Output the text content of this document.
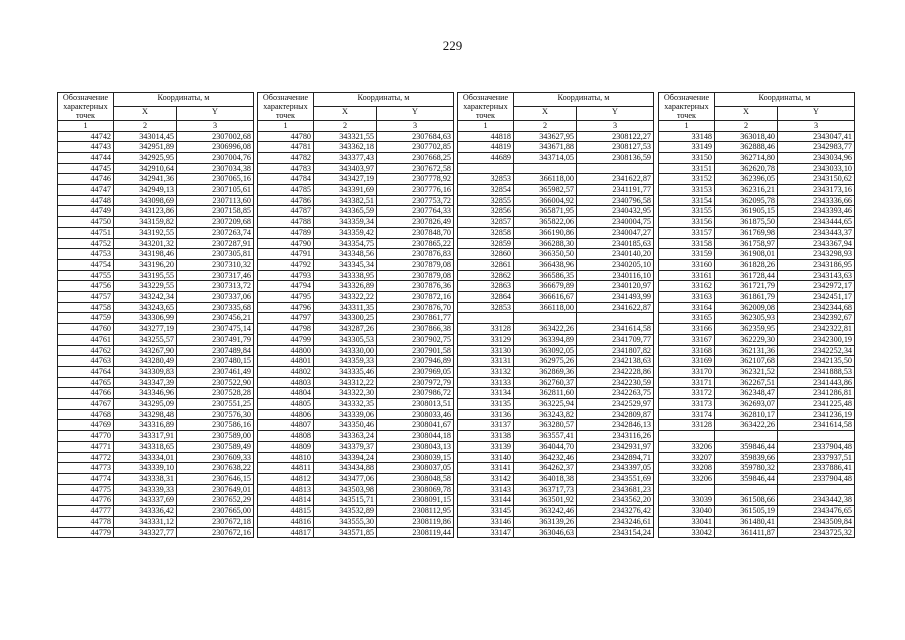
229
Обозначение характерных точек	Координаты, м	
	X	Y
1	2	3
44742	343014,45	2307002,68
44743	342951,89	2306996,08
44744	342925,95	2307004,76
44745	342910,64	2307034,38
44746	342941,36	2307065,16
44747	342949,13	2307105,61
44748	343098,69	2307113,60
44749	343123,86	2307158,85
44750	343159,82	2307209,68
44751	343192,55	2307263,74
44752	343201,32	2307287,91
44753	343198,46	2307305,81
44754	343196,20	2307310,32
44755	343195,55	2307317,46
44756	343229,55	2307313,72
44757	343242,34	2307337,06
44758	343243,65	2307335,68
44759	343306,99	2307456,21
44760	343277,19	2307475,14
44761	343255,57	2307491,79
44762	343267,90	2307489,84
44763	343280,49	2307480,15
44764	343309,83	2307461,49
44765	343347,39	2307522,90
44766	343346,96	2307528,28
44767	343295,09	2307551,25
44768	343298,48	2307576,30
44769	343316,89	2307586,16
44770	343317,91	2307589,00
44771	343318,65	2307589,49
44772	343334,01	2307609,33
44773	343339,10	2307638,22
44774	343338,31	2307646,15
44775	343339,33	2307649,01
44776	343337,69	2307652,29
44777	343336,42	2307665,00
44778	343331,12	2307672,18
44779	343327,77	2307672,16
Обозначение характерных точек	Координаты, м	
	X	Y
1	2	3
44780	343321,55	2307684,63
44781	343362,18	2307702,85
44782	343377,43	2307668,25
44783	343403,97	2307672,58
44784	343427,19	2307778,92
44785	343391,69	2307776,16
44786	343382,51	2307753,72
44787	343365,59	2307764,33
44788	343359,34	2307826,49
44789	343359,42	2307848,70
44790	343354,75	2307865,22
44791	343348,56	2307876,83
44792	343345,34	2307879,08
44793	343338,95	2307879,08
44794	343326,89	2307876,36
44795	343322,22	2307872,16
44796	343311,35	2307876,70
44797	343300,25	2307861,77
44798	343287,26	2307866,38
44799	343305,53	2307902,75
44800	343330,00	2307901,58
44801	343359,33	2307946,89
44802	343335,46	2307969,05
44803	343312,22	2307972,79
44804	343322,30	2307986,72
44805	343332,35	2308013,51
44806	343339,06	2308033,46
44807	343350,46	2308041,67
44808	343363,24	2308044,18
44809	343379,37	2308043,13
44810	343394,24	2308039,15
44811	343434,88	2308037,05
44812	343477,06	2308048,58
44813	343503,98	2308069,78
44814	343515,71	2308091,15
44815	343532,89	2308112,95
44816	343555,30	2308119,86
44817	343571,85	2308119,44
Обозначение характерных точек	Координаты, м	
	X	Y
1	2	3
44818	343627,95	2308122,27
44819	343671,88	2308127,53
44689	343714,05	2308136,59

32853	366118,00	2341622,87
32854	365982,57	2341191,77
32855	366004,92	2340796,58
32856	365871,95	2340432,95
32857	365822,06	2340004,75
32858	366190,86	2340047,27
32859	366288,30	2340185,63
32860	366350,50	2340140,20
32861	366438,96	2340205,10
32862	366586,35	2340116,10
32863	366679,89	2340120,97
32864	366616,67	2341493,99
32853	366118,00	2341622,87

33128	363422,26	2341614,58
33129	363394,89	2341709,77
33130	363092,05	2341807,82
33131	362975,26	2342138,63
33132	362869,36	2342228,86
33133	362760,37	2342230,59
33134	362811,60	2342263,75
33135	363225,94	2342529,97
33136	363243,82	2342809,87
33137	363280,57	2342846,13
33138	363557,41	2343116,26
33139	364044,70	2342931,97
33140	364232,46	2342894,71
33141	364262,37	2343397,05
33142	364018,38	2343551,69
33143	363717,73	2343681,23
33144	363501,92	2343562,20
33145	363242,46	2343276,42
33146	363139,26	2343246,61
33147	363046,63	2343154,24
Обозначение характерных точек	Координаты, м	
	X	Y
1	2	3
33148	363018,40	2343047,41
33149	362888,46	2342983,77
33150	362714,80	2343034,96
33151	362620,78	2343033,10
33152	362396,05	2343150,62
33153	362316,21	2343173,16
33154	362095,78	2343336,66
33155	361905,15	2343393,46
33156	361875,50	2343444,65
33157	361769,98	2343443,37
33158	361758,97	2343367,94
33159	361908,01	2343298,93
33160	361828,26	2343186,95
33161	361728,44	2343143,63
33162	361721,79	2342972,17
33163	361861,79	2342451,17
33164	362009,08	2342344,68
33165	362305,93	2342392,67
33166	362359,95	2342322,81
33167	362229,30	2342300,19
33168	362131,36	2342252,34
33169	362107,68	2342135,50
33170	362321,52	2341888,53
33171	362267,51	2341443,86
33172	362348,47	2341286,81
33173	362693,07	2341225,48
33174	362810,17	2341236,19
33128	363422,26	2341614,58

33206	359846,44	2337904,48
33207	359839,66	2337937,51
33208	359780,32	2337886,41
33206	359846,44	2337904,48

33039	361508,66	2343442,38
33040	361505,19	2343476,65
33041	361480,41	2343509,84
33042	361411,87	2343725,32
